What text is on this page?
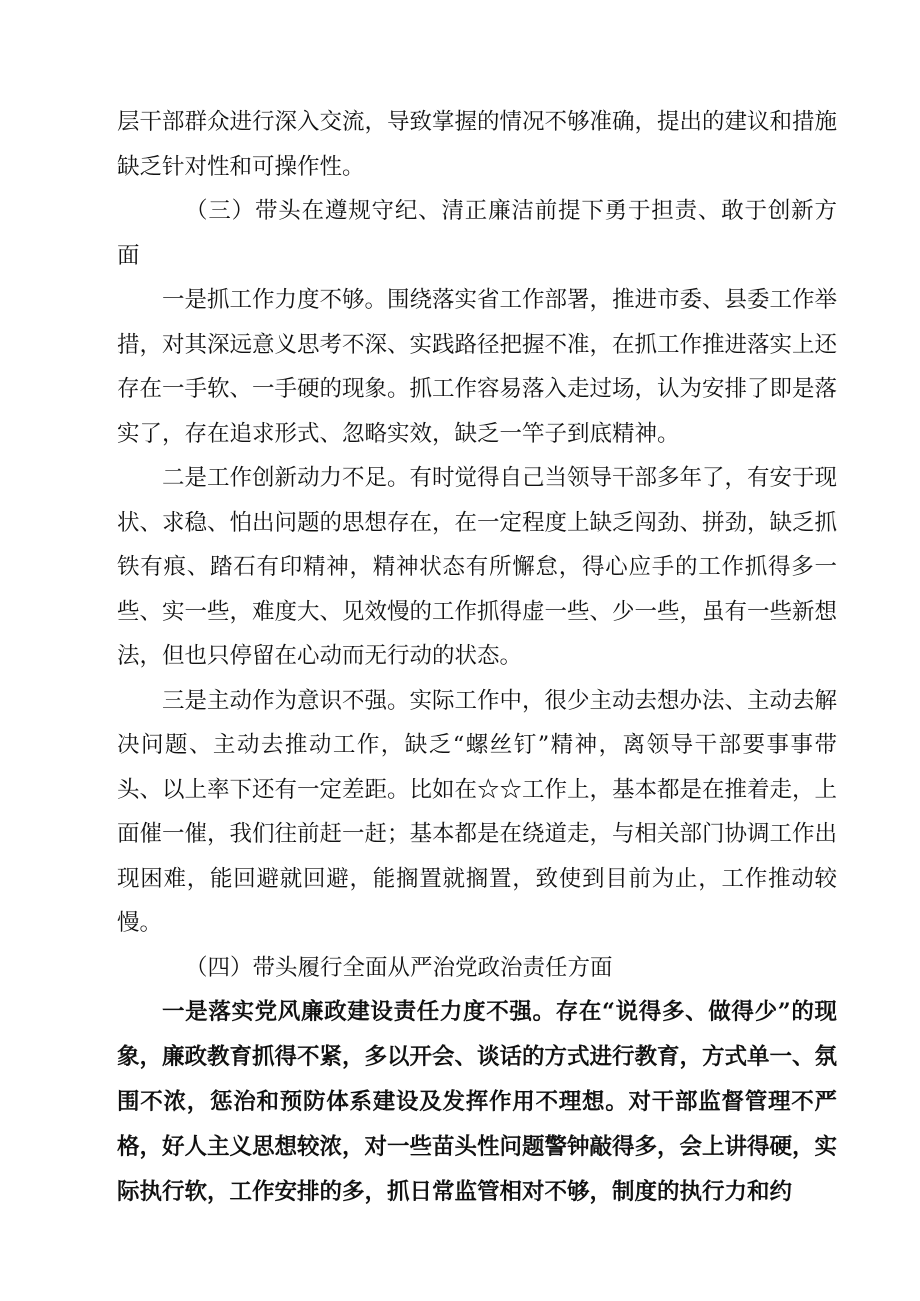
层干部群众进行深入交流，导致掌握的情况不够准确，提出的建议和措施缺乏针对性和可操作性。

（三）带头在遵规守纪、清正廉洁前提下勇于担责、敢于创新方面

一是抓工作力度不够。围绕落实省工作部署，推进市委、县委工作举措，对其深远意义思考不深、实践路径把握不准，在抓工作推进落实上还存在一手软、一手硬的现象。抓工作容易落入走过场，认为安排了即是落实了，存在追求形式、忽略实效，缺乏一竿子到底精神。

二是工作创新动力不足。有时觉得自己当领导干部多年了，有安于现状、求稳、怕出问题的思想存在，在一定程度上缺乏闯劲、拼劲，缺乏抓铁有痕、踏石有印精神，精神状态有所懈怠，得心应手的工作抓得多一些、实一些，难度大、见效慢的工作抓得虚一些、少一些，虽有一些新想法，但也只停留在心动而无行动的状态。

三是主动作为意识不强。实际工作中，很少主动去想办法、主动去解决问题、主动去推动工作，缺乏“螺丝钉”精神，离领导干部要事事带头、以上率下还有一定差距。比如在☆☆工作上，基本都是在推着走，上面催一催，我们往前赶一赶；基本都是在绕道走，与相关部门协调工作出现困难，能回避就回避，能搁置就搁置，致使到目前为止，工作推动较慢。

（四）带头履行全面从严治党政治责任方面

一是落实党风廉政建设责任力度不强。存在“说得多、做得少”的现象，廉政教育抓得不紧，多以开会、谈话的方式进行教育，方式单一、氛围不浓，惩治和预防体系建设及发挥作用不理想。对干部监督管理不严格，好人主义思想较浓，对一些苗头性问题警钟敲得多，会上讲得硬，实际执行软，工作安排的多，抓日常监管相对不够，制度的执行力和约
